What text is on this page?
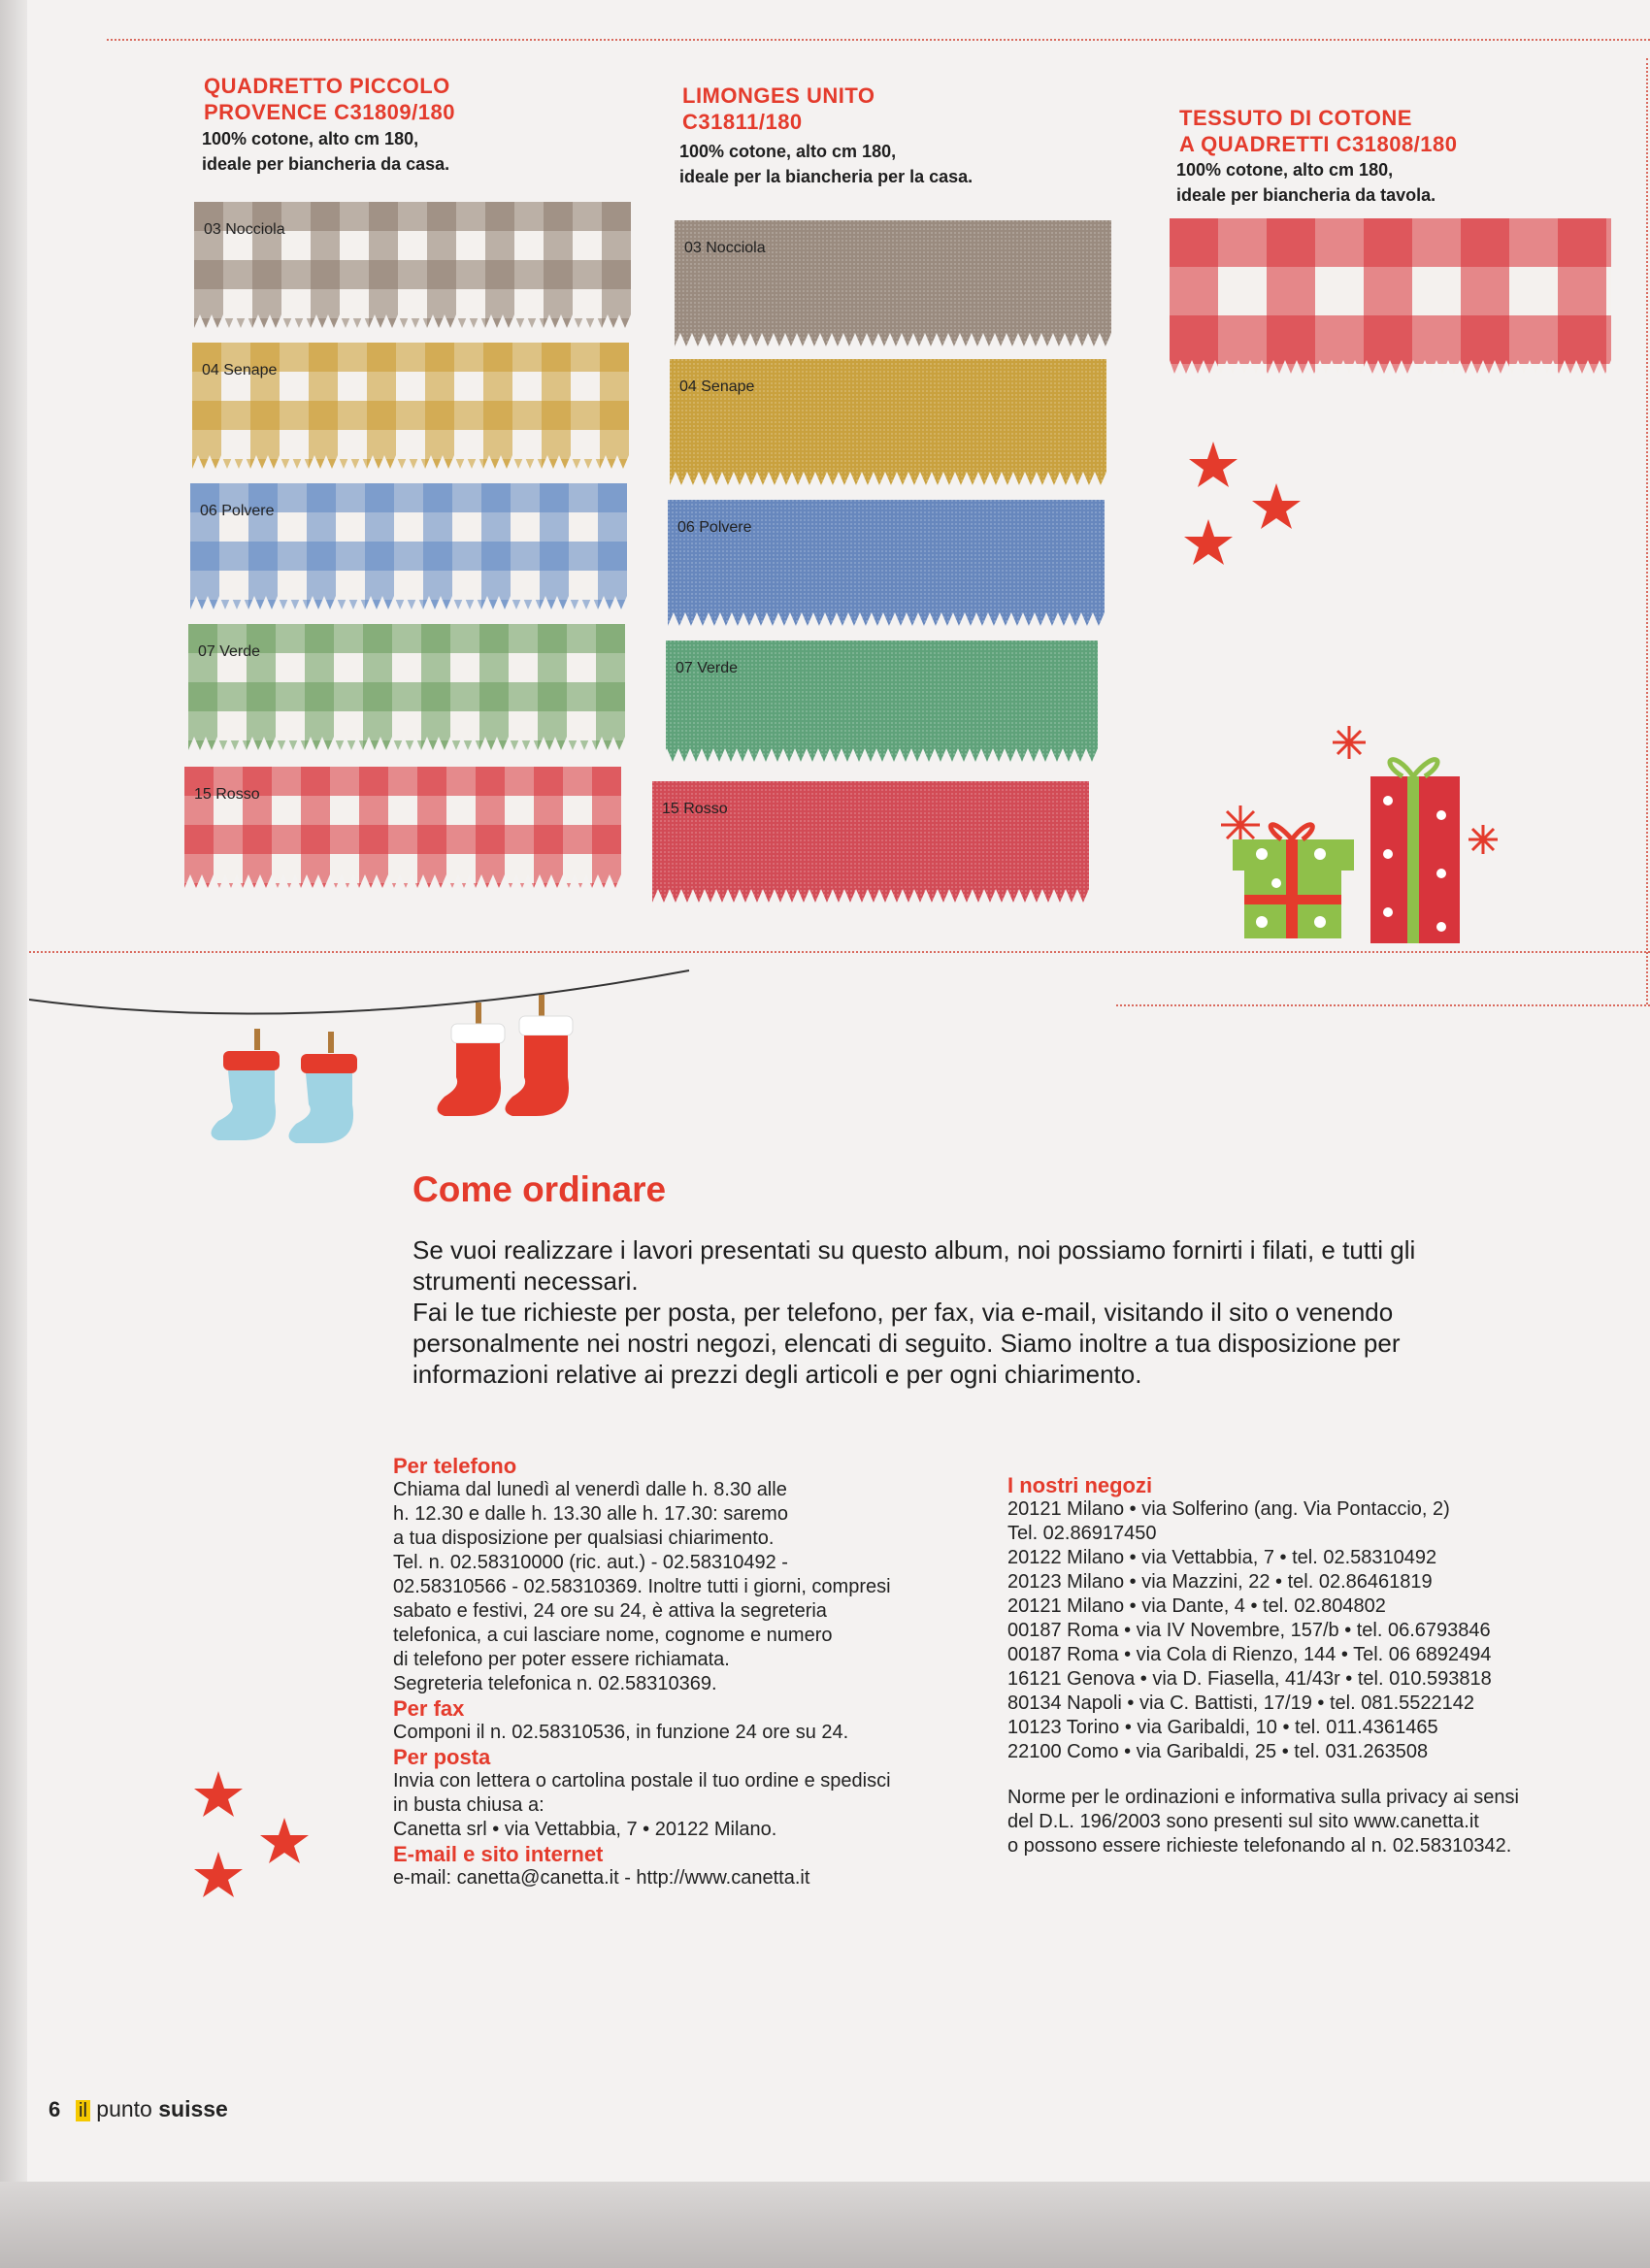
QUADRETTO PICCOLO
PROVENCE C31809/180
100% cotone, alto cm 180,
ideale per biancheria da casa.
LIMONGES UNITO
C31811/180
100% cotone, alto cm 180,
ideale per la biancheria per la casa.
TESSUTO DI COTONE
A QUADRETTI C31808/180
100% cotone, alto cm 180,
ideale per biancheria da tavola.
03 Nocciola
04 Senape
06 Polvere
07 Verde
15 Rosso
03 Nocciola
04 Senape
06 Polvere
07 Verde
15 Rosso
Come ordinare
Se vuoi realizzare i lavori presentati su questo album, noi possiamo fornirti i filati, e tutti gli
strumenti necessari.
Fai le tue richieste per posta, per telefono, per fax, via e-mail, visitando il sito o venendo
personalmente nei nostri negozi, elencati di seguito. Siamo inoltre a tua disposizione per
informazioni relative ai prezzi degli articoli e per ogni chiarimento.
Per telefono
Chiama dal lunedì al venerdì dalle h. 8.30 alle
h. 12.30 e dalle h. 13.30 alle h. 17.30: saremo
a tua disposizione per qualsiasi chiarimento.
Tel. n. 02.58310000 (ric. aut.) - 02.58310492 -
02.58310566 - 02.58310369. Inoltre tutti i giorni, compresi
sabato e festivi, 24 ore su 24, è attiva la segreteria
telefonica, a cui lasciare nome, cognome e numero
di telefono per poter essere richiamata.
Segreteria telefonica n. 02.58310369.
Per fax
Componi il n. 02.58310536, in funzione 24 ore su 24.
Per posta
Invia con lettera o cartolina postale il tuo ordine e spedisci
in busta chiusa a:
Canetta srl • via Vettabbia, 7 • 20122 Milano.
E-mail e sito internet
e-mail: canetta@canetta.it - http://www.canetta.it
I nostri negozi
20121 Milano • via Solferino (ang. Via Pontaccio, 2)
Tel. 02.86917450
20122 Milano • via Vettabbia, 7 • tel. 02.58310492
20123 Milano • via Mazzini, 22 • tel. 02.86461819
20121 Milano • via Dante, 4 • tel. 02.804802
00187 Roma • via IV Novembre, 157/b • tel. 06.6793846
00187 Roma • via Cola di Rienzo, 144 • Tel. 06 6892494
16121 Genova • via D. Fiasella, 41/43r • tel. 010.593818
80134 Napoli • via C. Battisti, 17/19 • tel. 081.5522142
10123 Torino • via Garibaldi, 10 • tel. 011.4361465
22100 Como • via Garibaldi, 25 • tel. 031.263508
Norme per le ordinazioni e informativa sulla privacy ai sensi
del D.L. 196/2003 sono presenti sul sito www.canetta.it
o possono essere richieste telefonando al n. 02.58310342.
6 il punto suisse
